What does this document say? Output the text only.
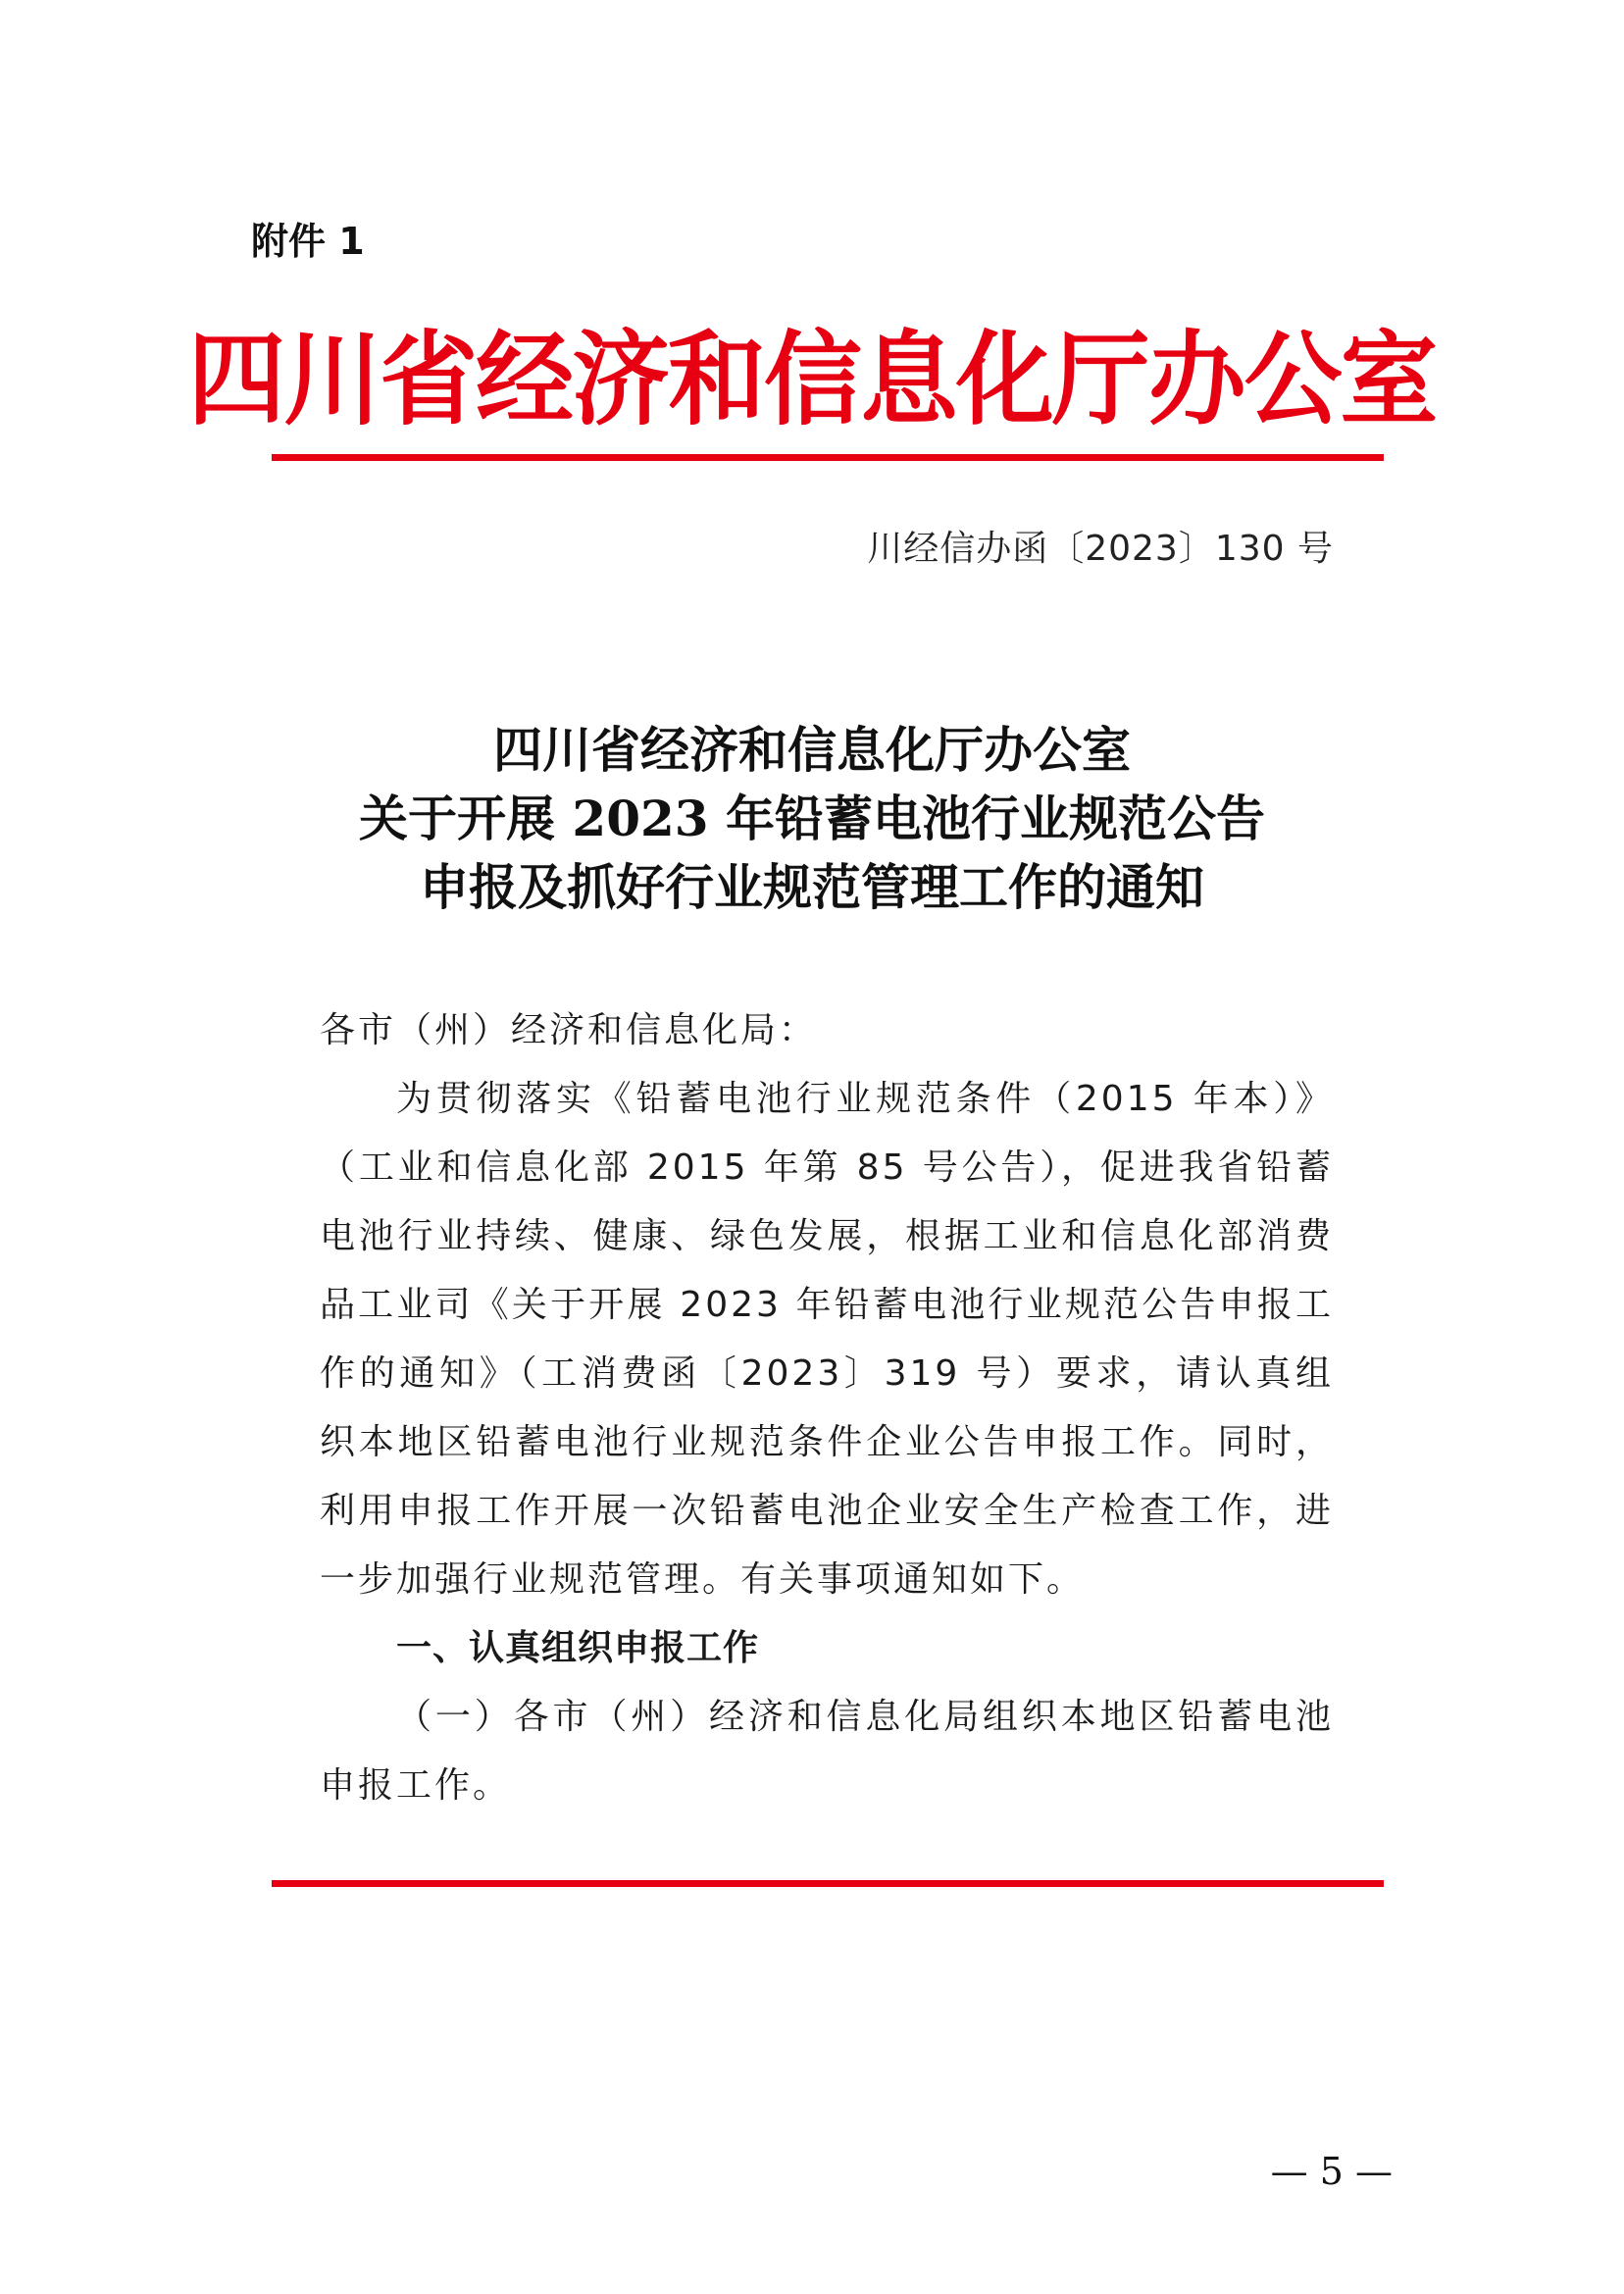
附件 1
四川省经济和信息化厅办公室
川经信办函〔2023〕130 号
四川省经济和信息化厅办公室
关于开展 2023 年铅蓄电池行业规范公告
申报及抓好行业规范管理工作的通知

各市（州）经济和信息化局：

为贯彻落实《铅蓄电池行业规范条件（2015 年本）》（工业和信息化部 2015 年第 85 号公告），促进我省铅蓄电池行业持续、健康、绿色发展，根据工业和信息化部消费品工业司《关于开展 2023 年铅蓄电池行业规范公告申报工作的通知》（工消费函〔2023〕319 号）要求，请认真组织本地区铅蓄电池行业规范条件企业公告申报工作。同时，利用申报工作开展一次铅蓄电池企业安全生产检查工作，进一步加强行业规范管理。有关事项通知如下。

一、认真组织申报工作

（一）各市（州）经济和信息化局组织本地区铅蓄电池申报工作。

— 5 —
